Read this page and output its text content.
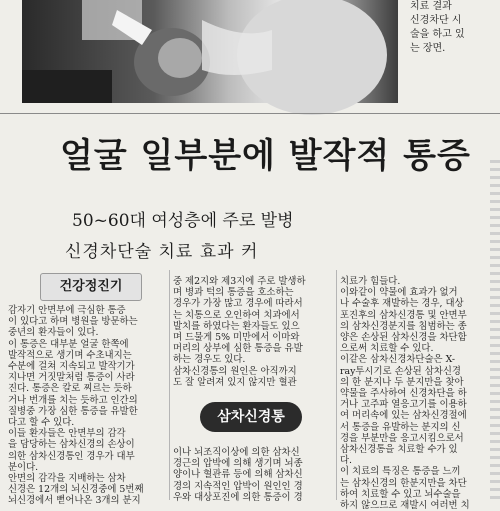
치료 결과
신경차단 시
술을 하고 있
는 장면.
얼굴 일부분에 발작적 통증
50~60대 여성층에 주로 발병
신경차단술 치료 효과 커
건강정진기
감자기 안면부에 극심한 통증
이 있다고 하며 병원을 방문하는
중년의 환자들이 있다.
이 통증은 대부분 얼굴 한쪽에
발작적으로 생기며 수초내지는
수분에 걸쳐 지속되고 발작기가
지나면 거짓말처럼 통증이 사라
진다. 통증은 칼로 찌르는 듯하
거나 번개를 치는 듯하고 인간의
질병중 가장 심한 통증을 유발한
다고 할 수 있다.
이들 환자들은 안면부의 감각
을 담당하는 삼차신경의 손상이
의한 삼차신경통인 경우가 대부
분이다.
안면의 감각을 지배하는 삼차
신경은 12개의 뇌신경중에 5번째
뇌신경에서 뻗어나온 3개의 분지
중 제2지와 제3지에 주로 발생하
며 병과 턱의 통증을 호소하는
경우가 가장 많고 경우에 따라서
는 치통으로 오인하여 치과에서
발치를 하였다는 환자들도 있으
며 드물게 5% 미만에서 이마와
머리의 상부에 심한 통증을 유발
하는 경우도 있다.
삼차신경통의 원인은 아직까지
도 잘 알려져 있지 않지만 혈관
삼차신경통
이나 뇌조직이상에 의한 삼차신
경근의 압박에 의해 생기며 뇌종
양이나 혈관류 등에 의해 삼차신
경의 지속적인 압박이 원인인 경
우와 대상포진에 의한 통증이 경
치료가 힘들다.
이와같이 약물에 효과가 없거
나 수술후 재발하는 경우, 대상
포진후의 삼차신경통 및 안면부
의 삼차신경분지를 침범하는 종
양은 손상된 삼차신경을 차단함
으로써 치료할 수 있다.
이같은 삼차신경차단술은 X-
ray투시기로 손상된 삼차신경
의 한 분지나 두 분지만을 찾아
약물을 주사하여 신경차단을 하
거나 고주파 열응고기를 이용하
여 머리속에 있는 삼차신경절에
서 통증을 유발하는 분지의 신
경을 부분만을 응고시킴으로서
삼차신경통을 치료할 수가 있
다.
이 치료의 특징은 통증을 느끼
는 삼차신경의 한분지만을 차단
하여 치료할 수 있고 뇌수술을
하지 않으므로 재발시 여러번 치
